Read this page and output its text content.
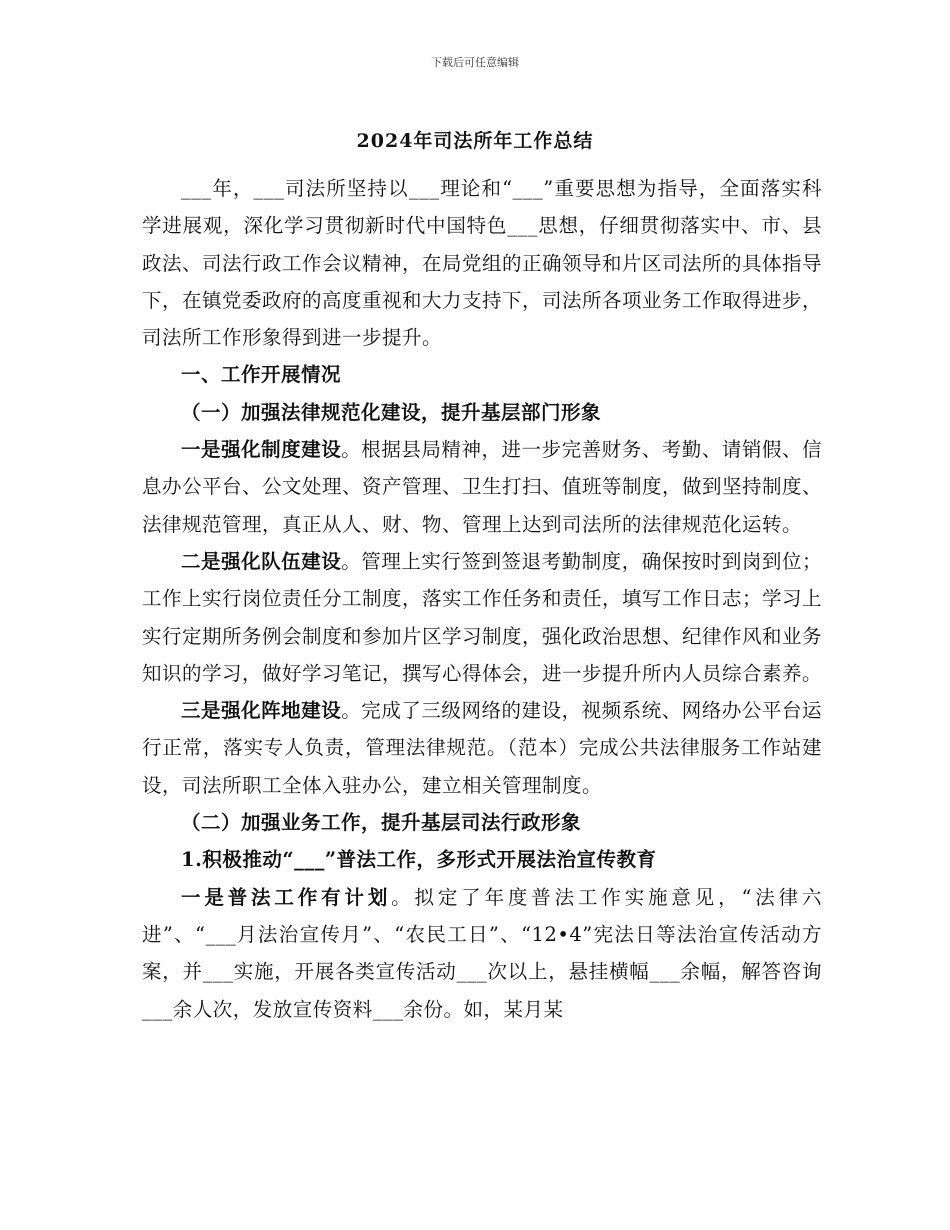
下载后可任意编辑
2024年司法所年工作总结

___年，___司法所坚持以___理论和“___”重要思想为指导，全面落实科学进展观，深化学习贯彻新时代中国特色___思想，仔细贯彻落实中、市、县政法、司法行政工作会议精神，在局党组的正确领导和片区司法所的具体指导下，在镇党委政府的高度重视和大力支持下，司法所各项业务工作取得进步，司法所工作形象得到进一步提升。

一、工作开展情况

（一）加强法律规范化建设，提升基层部门形象

一是强化制度建设。根据县局精神，进一步完善财务、考勤、请销假、信息办公平台、公文处理、资产管理、卫生打扫、值班等制度，做到坚持制度、法律规范管理，真正从人、财、物、管理上达到司法所的法律规范化运转。

二是强化队伍建设。管理上实行签到签退考勤制度，确保按时到岗到位；工作上实行岗位责任分工制度，落实工作任务和责任，填写工作日志；学习上实行定期所务例会制度和参加片区学习制度，强化政治思想、纪律作风和业务知识的学习，做好学习笔记，撰写心得体会，进一步提升所内人员综合素养。

三是强化阵地建设。完成了三级网络的建设，视频系统、网络办公平台运行正常，落实专人负责，管理法律规范。（范本）完成公共法律服务工作站建设，司法所职工全体入驻办公，建立相关管理制度。

（二）加强业务工作，提升基层司法行政形象

1.积极推动“___”普法工作，多形式开展法治宣传教育

一是普法工作有计划。拟定了年度普法工作实施意见，“法律六进”、“___月法治宣传月”、“农民工日”、“12•4”宪法日等法治宣传活动方案，并___实施，开展各类宣传活动___次以上，悬挂横幅___余幅，解答咨询___余人次，发放宣传资料___余份。如，某月某
